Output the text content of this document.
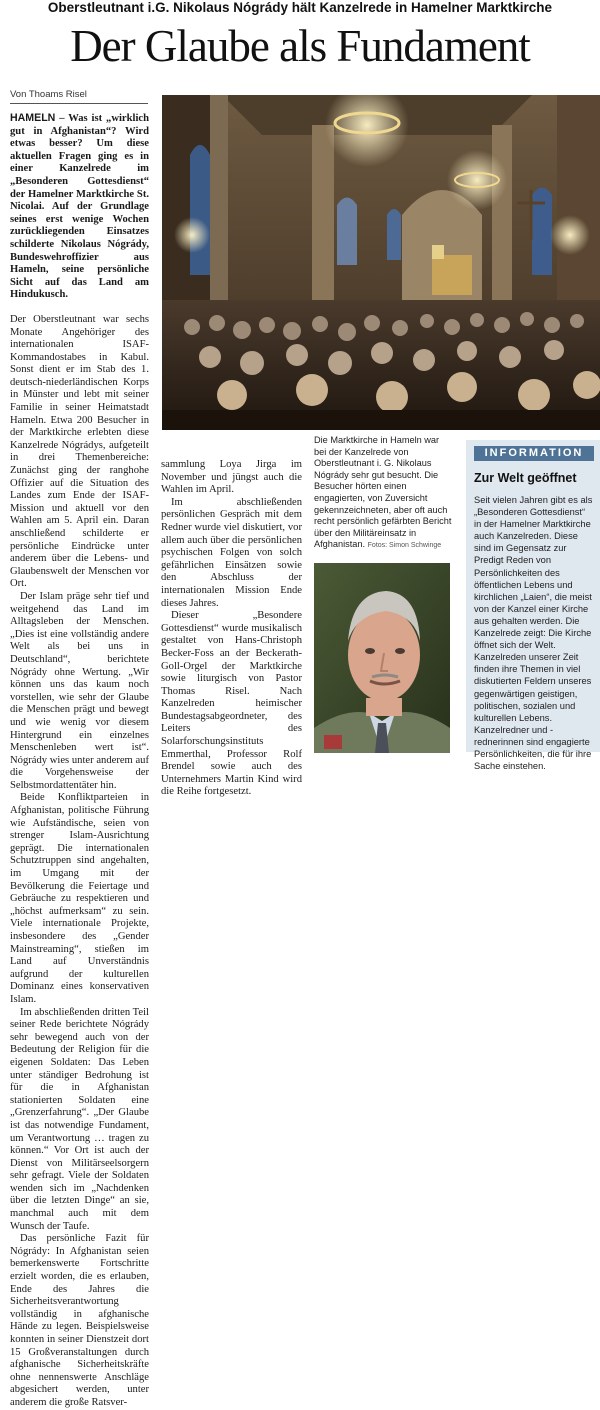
Oberstleutnant i.G. Nikolaus Nógrády hält Kanzelrede in Hamelner Marktkirche
Der Glaube als Fundament
Von Thoams Risel

HAMELN – Was ist „wirklich gut in Afghanistan“? Wird etwas besser? Um diese aktuellen Fragen ging es in einer Kanzelrede im „Besonderen Gottesdienst“ der Hamelner Marktkirche St. Nicolai. Auf der Grundlage seines erst wenige Wochen zurückliegenden Einsatzes schilderte Nikolaus Nógrády, Bundeswehroffizier aus Hameln, seine persönliche Sicht auf das Land am Hindukusch.

Der Oberstleutnant war sechs Monate Angehöriger des internationalen ISAF-Kommandostabes in Kabul. Sonst dient er im Stab des 1. deutsch-niederländischen Korps in Münster und lebt mit seiner Familie in seiner Heimatstadt Hameln. Etwa 200 Besucher in der Marktkirche erlebten diese Kanzelrede Nógrádys, aufgeteilt in drei Themenbereiche: Zunächst ging der ranghohe Offizier auf die Situation des Landes zum Ende der ISAF-Mission und aktuell vor den Wahlen am 5. April ein. Daran anschließend schilderte er persönliche Eindrücke unter anderem über die Lebens- und Glaubenswelt der Menschen vor Ort.

Der Islam präge sehr tief und weitgehend das Land im Alltagsleben der Menschen. „Dies ist eine vollständig andere Welt als bei uns in Deutschland“, berichtete Nógrády ohne Wertung. „Wir können uns das kaum noch vorstellen, wie sehr der Glaube die Menschen prägt und bewegt und wie wenig vor diesem Hintergrund ein einzelnes Menschenleben wert ist“. Nógrády wies unter anderem auf die Vorgehensweise der Selbstmordattentäter hin.

Beide Konfliktparteien in Afghanistan, politische Führung wie Aufständische, seien von strenger Islam-Ausrichtung geprägt. Die internationalen Schutztruppen sind angehalten, im Umgang mit der Bevölkerung die Feiertage und Gebräuche zu respektieren und „höchst aufmerksam“ zu sein. Viele internationale Projekte, insbesondere des „Gender Mainstreaming“, stießen im Land auf Unverständnis aufgrund der kulturellen Dominanz eines konservativen Islam.

Im abschließenden dritten Teil seiner Rede berichtete Nógrády sehr bewegend auch von der Bedeutung der Religion für die eigenen Soldaten: Das Leben unter ständiger Bedrohung ist für die in Afghanistan stationierten Soldaten eine „Grenzerfahrung“. „Der Glaube ist das notwendige Fundament, um Verantwortung … tragen zu können.“ Vor Ort ist auch der Dienst von Militärseelsorgern sehr gefragt. Viele der Soldaten wenden sich im „Nachdenken über die letzten Dinge“ an sie, manchmal auch mit dem Wunsch der Taufe.

Das persönliche Fazit für Nógrády: In Afghanistan seien bemerkenswerte Fortschritte erzielt worden, die es erlauben, Ende des Jahres die Sicherheitsverantwortung vollständig in afghanische Hände zu legen. Beispielsweise konnten in seiner Dienstzeit dort 15 Großveranstaltungen durch afghanische Sicherheitskräfte ohne nennenswerte Anschläge abgesichert werden, unter anderem die große Ratsver-

Die Marktkirche in Hameln war bei der Kanzelrede von Oberstleutnant i. G. Nikolaus Nógrády sehr gut besucht. Die Besucher hörten einen engagierten, von Zuversicht gekennzeichneten, aber oft auch recht persönlich gefärbten Bericht über den Militäreinsatz in Afghanistan. Fotos: Simon Schwinge

sammlung Loya Jirga im November und jüngst auch die Wahlen im April.

Im abschließenden persönlichen Gespräch mit dem Redner wurde viel diskutiert, vor allem auch über die persönlichen psychischen Folgen von solch gefährlichen Einsätzen sowie den Abschluss der internationalen Mission Ende dieses Jahres.

Dieser „Besondere Gottesdienst“ wurde musikalisch gestaltet von Hans-Christoph Becker-Foss an der Beckerath-Goll-Orgel der Marktkirche sowie liturgisch von Pastor Thomas Risel. Nach Kanzelreden heimischer Bundestagsabgeordneter, des Leiters des Solarforschungsinstituts Emmerthal, Professor Rolf Brendel sowie auch des Unternehmers Martin Kind wird die Reihe fortgesetzt.

INFORMATION
Zur Welt geöffnet
Seit vielen Jahren gibt es als „Besonderen Gottesdienst“ in der Hamelner Marktkirche auch Kanzelreden. Diese sind im Gegensatz zur Predigt Reden von Persönlichkeiten des öffentlichen Lebens und kirchlichen „Laien“, die meist von der Kanzel einer Kirche aus gehalten werden. Die Kanzelrede zeigt: Die Kirche öffnet sich der Welt. Kanzelreden unserer Zeit finden ihre Themen in viel diskutierten Feldern unseres gegenwärtigen geistigen, politischen, sozialen und kulturellen Lebens. Kanzelredner und -rednerinnen sind engagierte Persönlichkeiten, die für ihre Sache einstehen.
